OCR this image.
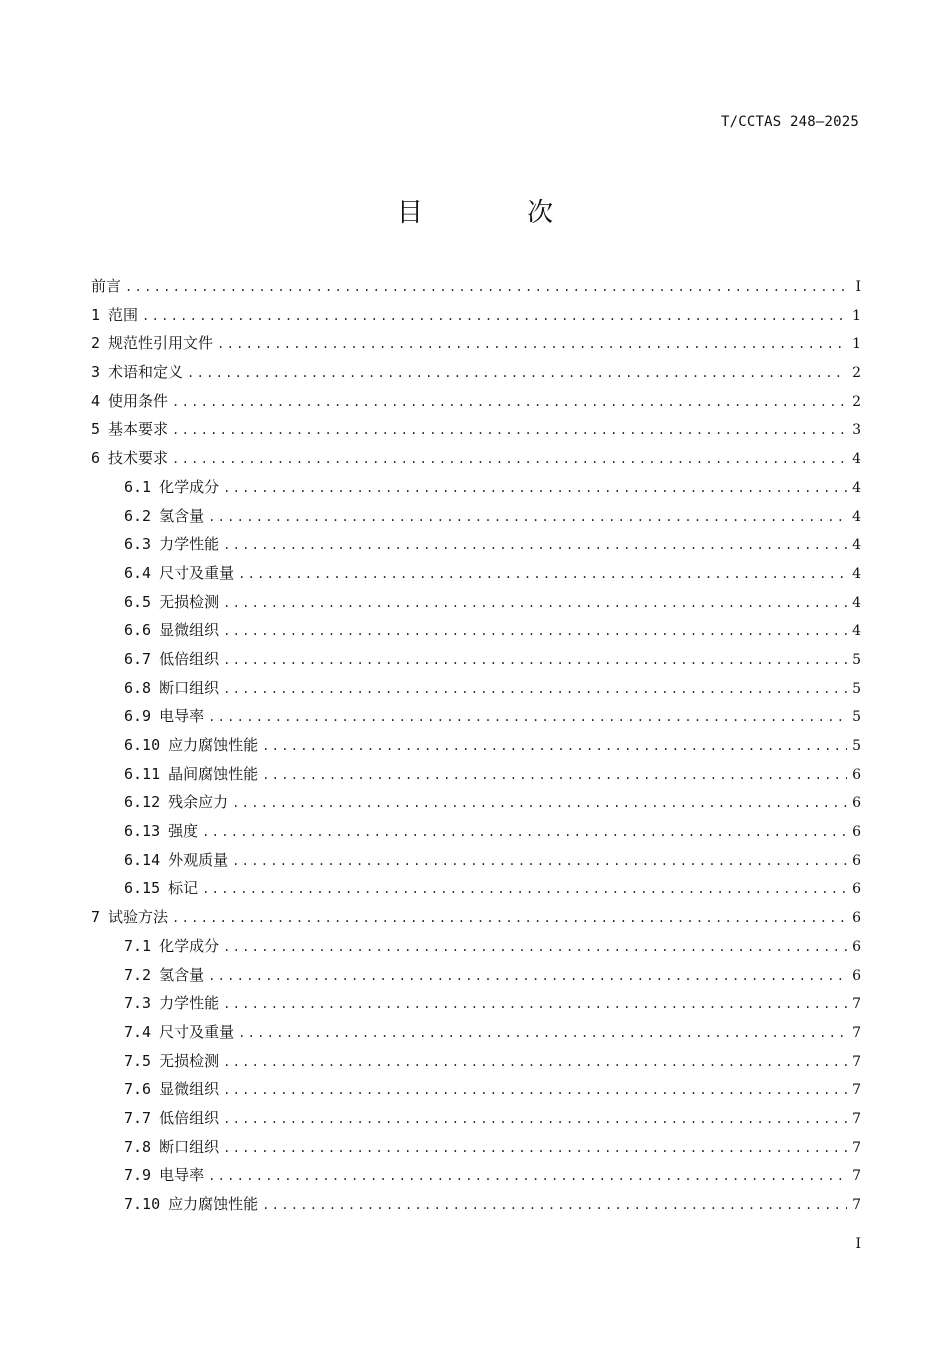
T/CCTAS 248—2025
目 次
前言 .....	I
1 范围 .....	1
2 规范性引用文件 .....	1
3 术语和定义 .....	2
4 使用条件 .....	2
5 基本要求 .....	3
6 技术要求 .....	4
6.1 化学成分 .....	4
6.2 氢含量 .....	4
6.3 力学性能 .....	4
6.4 尺寸及重量 .....	4
6.5 无损检测 .....	4
6.6 显微组织 .....	4
6.7 低倍组织 .....	5
6.8 断口组织 .....	5
6.9 电导率 .....	5
6.10 应力腐蚀性能 .....	5
6.11 晶间腐蚀性能 .....	6
6.12 残余应力 .....	6
6.13 强度 .....	6
6.14 外观质量 .....	6
6.15 标记 .....	6
7 试验方法 .....	6
7.1 化学成分 .....	6
7.2 氢含量 .....	6
7.3 力学性能 .....	7
7.4 尺寸及重量 .....	7
7.5 无损检测 .....	7
7.6 显微组织 .....	7
7.7 低倍组织 .....	7
7.8 断口组织 .....	7
7.9 电导率 .....	7
7.10 应力腐蚀性能 .....	7
I
